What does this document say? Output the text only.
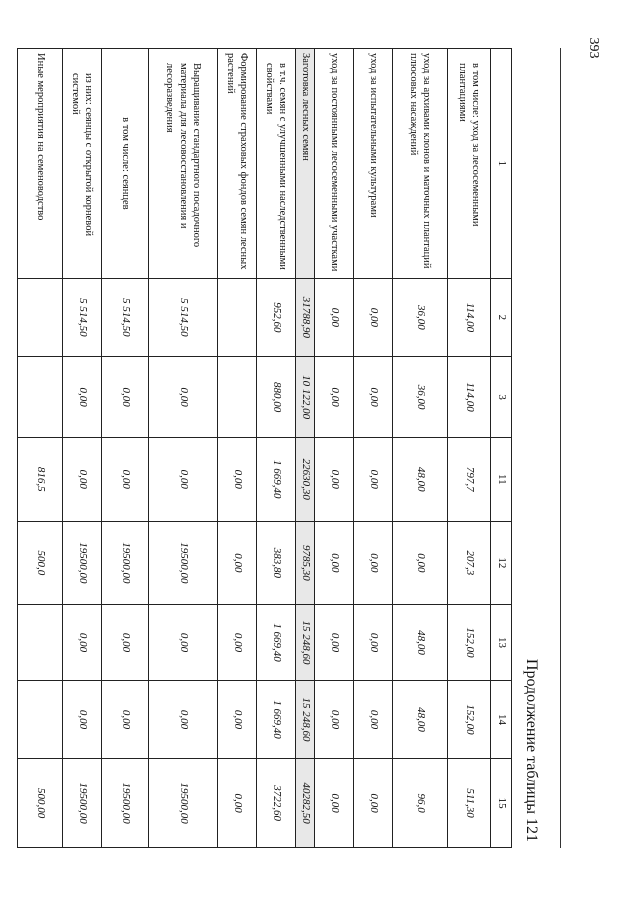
393
Продолжение таблицы 121
1	2	3	11	12	13	14	15
в том числе: уход за лесосеменными плантациями	114,00	114,00	797,7	207,3	152,00	152,00	511,30
уход за архивами клонов и маточных плантаций плюсовых насаждений	36,00	36,00	48,00	0,00	48,00	48,00	96,0
уход за испытательными культурами	0,00	0,00	0,00	0,00	0,00	0,00	0,00
уход за постоянными лесосеменными участками	0,00	0,00	0,00	0,00	0,00	0,00	0,00
Заготовка лесных семян	31788,90	10 122,00	22630,30	9785,30	15 248,60	15 248,60	40282,50
в т.ч. семян с улучшенными наследственными свойствами	952,60	880,00	1 669,40	383,80	1 669,40	1 669,40	3722,60
Формирование страховых фондов семян лесных растений			0,00	0,00	0,00	0,00	0,00
Выращивание стандартного посадочного материала для лесовосстановления и лесоразведения	5 514,50	0,00	0,00	19500,00	0,00	0,00	19500,00
в том числе: сеянцев	5 514,50	0,00	0,00	19500,00	0,00	0,00	19500,00
из них: сеянцы с открытой корневой системой	5 514,50	0,00	0,00	19500,00	0,00	0,00	19500,00
Иные мероприятия на семеноводство			816,5	500,0			500,00
